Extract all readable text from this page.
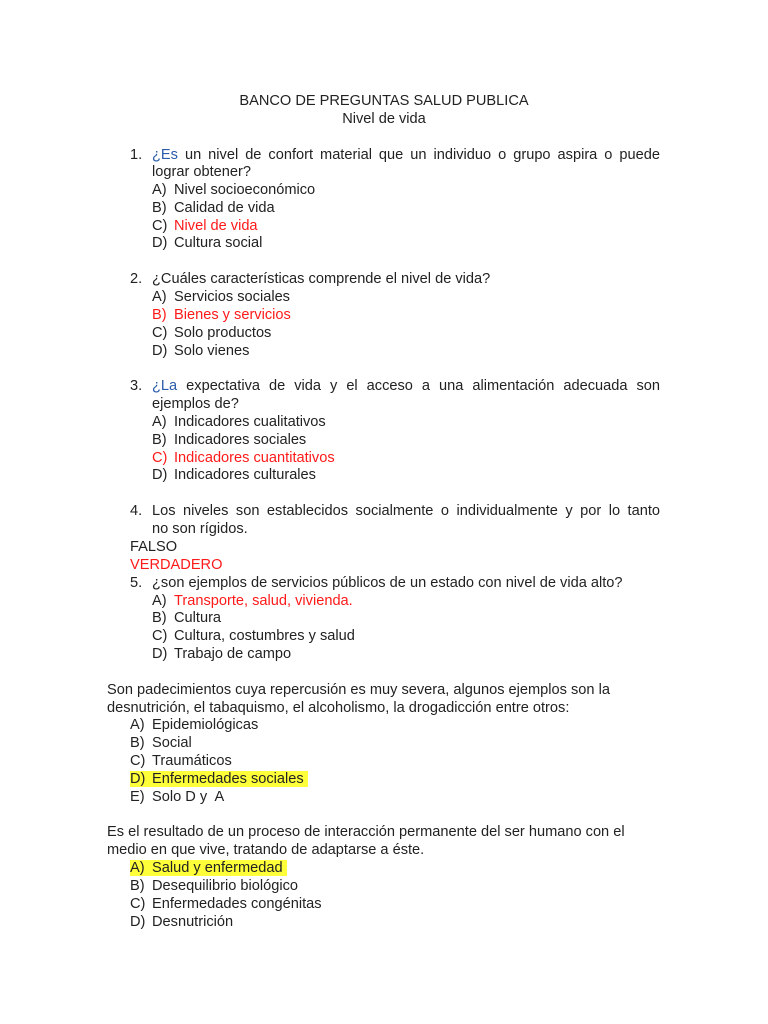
BANCO DE PREGUNTAS SALUD PUBLICA
Nivel de vida
1. ¿Es un nivel de confort material que un individuo o grupo aspira o puede
lograr obtener?
A) Nivel socioeconómico
B) Calidad de vida
C) Nivel de vida
D) Cultura social
2. ¿Cuáles características comprende el nivel de vida?
A) Servicios sociales
B) Bienes y servicios
C) Solo productos
D) Solo vienes
3. ¿La expectativa de vida y el acceso a una alimentación adecuada son
ejemplos de?
A) Indicadores cualitativos
B) Indicadores sociales
C) Indicadores cuantitativos
D) Indicadores culturales
4. Los niveles son establecidos socialmente o individualmente y por lo tanto
no son rígidos.
FALSO
VERDADERO
5. ¿son ejemplos de servicios públicos de un estado con nivel de vida alto?
A) Transporte, salud, vivienda.
B) Cultura
C) Cultura, costumbres y salud
D) Trabajo de campo
Son padecimientos cuya repercusión es muy severa, algunos ejemplos son la
desnutrición, el tabaquismo, el alcoholismo, la drogadicción entre otros:
A) Epidemiológicas
B) Social
C) Traumáticos
D) Enfermedades sociales
E) Solo D y  A
Es el resultado de un proceso de interacción permanente del ser humano con el
medio en que vive, tratando de adaptarse a éste.
A) Salud y enfermedad
B) Desequilibrio biológico
C) Enfermedades congénitas
D) Desnutrición
